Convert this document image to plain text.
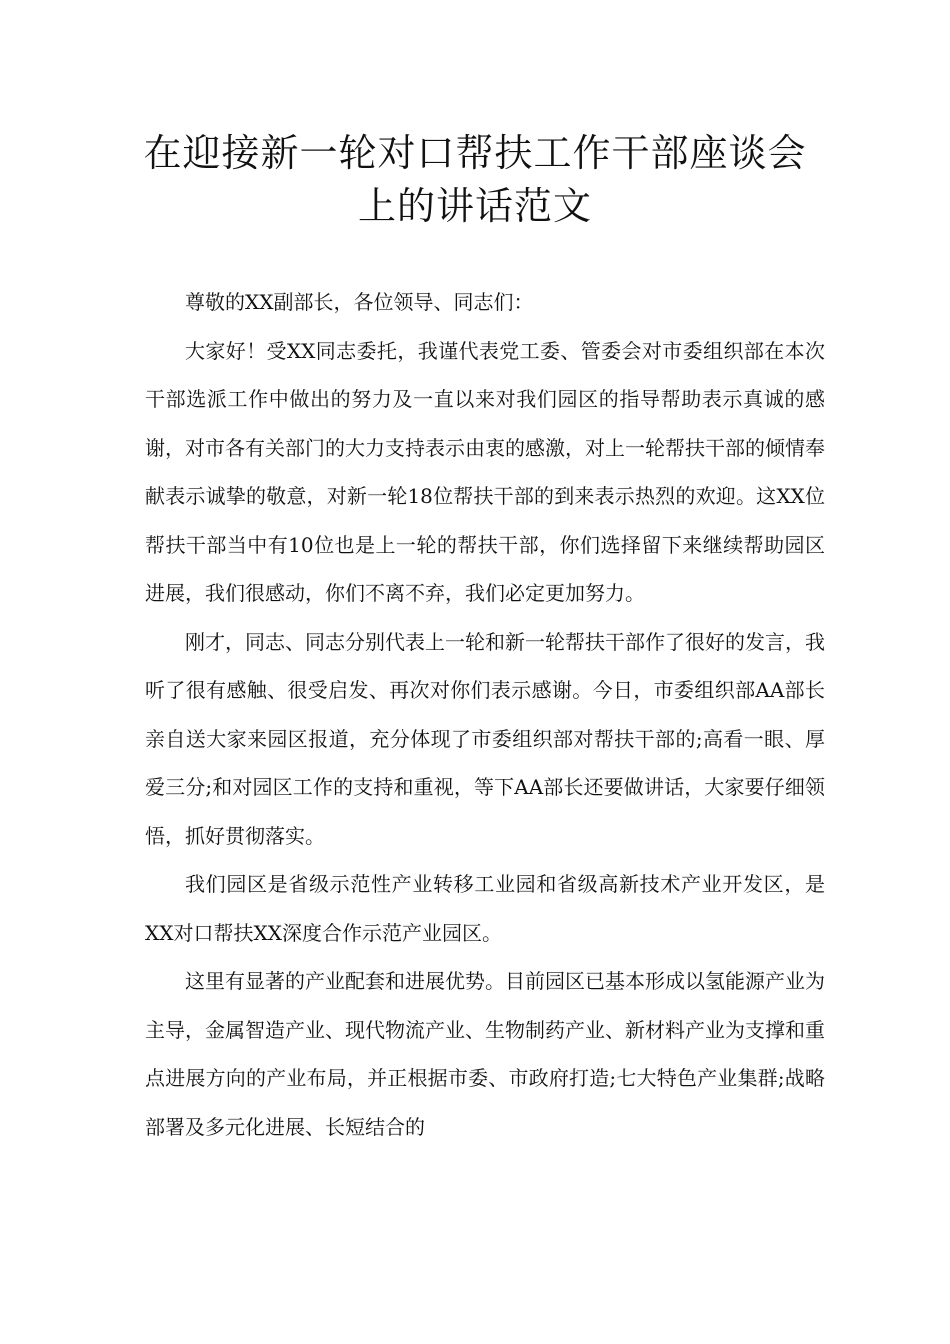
在迎接新一轮对口帮扶工作干部座谈会
上的讲话范文

尊敬的XX副部长，各位领导、同志们：

大家好！受XX同志委托，我谨代表党工委、管委会对市委组织部在本次干部选派工作中做出的努力及一直以来对我们园区的指导帮助表示真诚的感谢，对市各有关部门的大力支持表示由衷的感激，对上一轮帮扶干部的倾情奉献表示诚挚的敬意，对新一轮18位帮扶干部的到来表示热烈的欢迎。这XX位帮扶干部当中有10位也是上一轮的帮扶干部，你们选择留下来继续帮助园区进展，我们很感动，你们不离不弃，我们必定更加努力。

刚才，同志、同志分别代表上一轮和新一轮帮扶干部作了很好的发言，我听了很有感触、很受启发、再次对你们表示感谢。今日，市委组织部AA部长亲自送大家来园区报道，充分体现了市委组织部对帮扶干部的;高看一眼、厚爱三分;和对园区工作的支持和重视，等下AA部长还要做讲话，大家要仔细领悟，抓好贯彻落实。

我们园区是省级示范性产业转移工业园和省级高新技术产业开发区，是XX对口帮扶XX深度合作示范产业园区。

这里有显著的产业配套和进展优势。目前园区已基本形成以氢能源产业为主导，金属智造产业、现代物流产业、生物制药产业、新材料产业为支撑和重点进展方向的产业布局，并正根据市委、市政府打造;七大特色产业集群;战略部署及多元化进展、长短结合的
